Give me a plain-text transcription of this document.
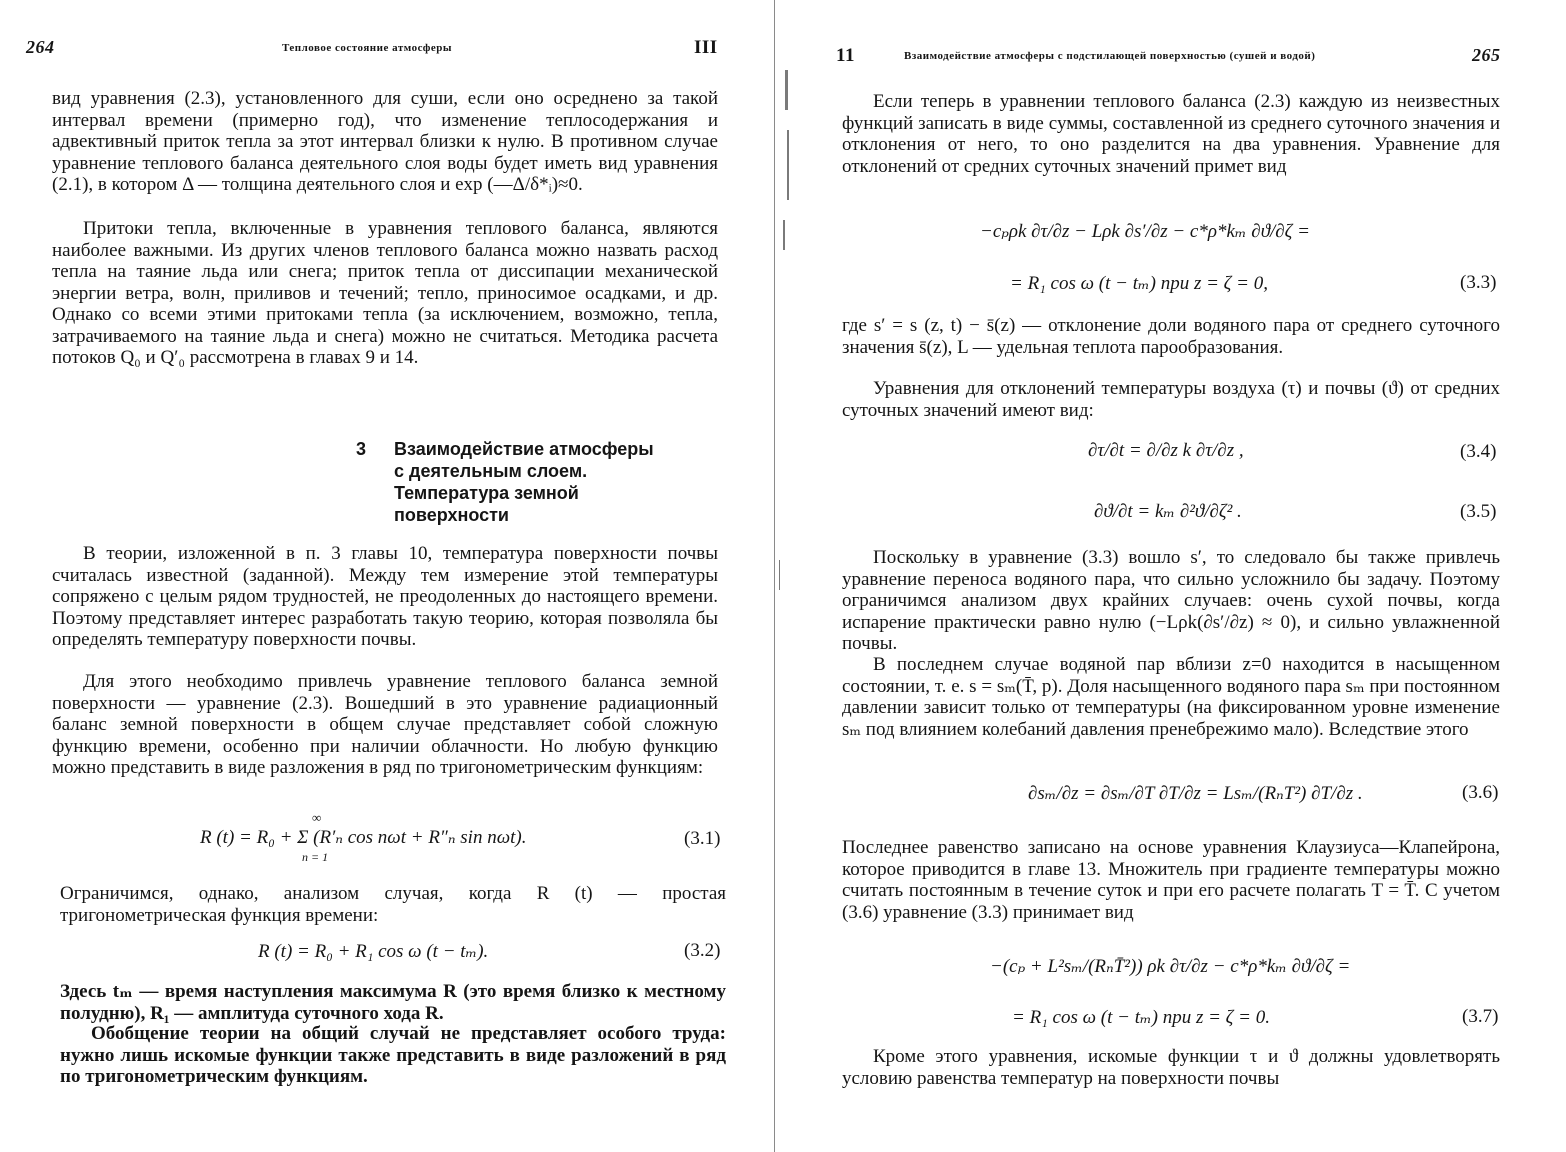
264	Тепловое состояние атмосферы	III

вид уравнения (2.3), установленного для суши, если оно осреднено за такой интервал времени (примерно год), что изменение теплосодержания и адвективный приток тепла за этот интервал близки к нулю. В противном случае уравнение теплового баланса деятельного слоя воды будет иметь вид уравнения (2.1), в котором Δ — толщина деятельного слоя и exp (—Δ/δ*ᵢ)≈0.

Притоки тепла, включенные в уравнения теплового баланса, являются наиболее важными. Из других членов теплового баланса можно назвать расход тепла на таяние льда или снега; приток тепла от диссипации механической энергии ветра, волн, приливов и течений; тепло, приносимое осадками, и др. Однако со всеми этими притоками тепла (за исключением, возможно, тепла, затрачиваемого на таяние льда и снега) можно не считаться. Методика расчета потоков Q₀ и Q′₀ рассмотрена в главах 9 и 14.

3 Взаимодействие атмосферы
с деятельным слоем.
Температура земной
поверхности

В теории, изложенной в п. 3 главы 10, температура поверхности почвы считалась известной (заданной). Между тем измерение этой температуры сопряжено с целым рядом трудностей, не преодоленных до настоящего времени. Поэтому представляет интерес разработать такую теорию, которая позволяла бы определять температуру поверхности почвы.

Для этого необходимо привлечь уравнение теплового баланса земной поверхности — уравнение (2.3). Вошедший в это уравнение радиационный баланс земной поверхности в общем случае представляет собой сложную функцию времени, особенно при наличии облачности. Но любую функцию можно представить в виде разложения в ряд по тригонометрическим функциям:

R (t) = R₀ + Σ (R′ₙ cos nωt + R″ₙ sin nωt).
∞
n = 1
(3.1)

Ограничимся, однако, анализом случая, когда R (t) — простая тригонометрическая функция времени:

R (t) = R₀ + R₁ cos ω (t − tₘ).	(3.2)

Здесь tₘ — время наступления максимума R (это время близко к местному полудню), R₁ — амплитуда суточного хода R.

Обобщение теории на общий случай не представляет особого труда: нужно лишь искомые функции также представить в виде разложений в ряд по тригонометрическим функциям.

11	Взаимодействие атмосферы с подстилающей поверхностью (сушей и водой)	265

Если теперь в уравнении теплового баланса (2.3) каждую из неизвестных функций записать в виде суммы, составленной из среднего суточного значения и отклонения от него, то оно разделится на два уравнения. Уравнение для отклонений от средних суточных значений примет вид

−cₚρk ∂τ/∂z − Lρk ∂s′/∂z − c*ρ*kₘ ∂ϑ/∂ζ =
= R₁ cos ω (t − tₘ) при z = ζ = 0,	(3.3)

где s′ = s (z, t) − s̄(z) — отклонение доли водяного пара от среднего суточного значения s̄(z), L — удельная теплота парообразования.

Уравнения для отклонений температуры воздуха (τ) и почвы (ϑ) от средних суточных значений имеют вид:

∂τ/∂t = ∂/∂z k ∂τ/∂z ,	(3.4)
∂ϑ/∂t = kₘ ∂²ϑ/∂ζ² .	(3.5)

Поскольку в уравнение (3.3) вошло s′, то следовало бы также привлечь уравнение переноса водяного пара, что сильно усложнило бы задачу. Поэтому ограничимся анализом двух крайних случаев: очень сухой почвы, когда испарение практически равно нулю (−Lρk(∂s′/∂z) ≈ 0), и сильно увлажненной почвы.

В последнем случае водяной пар вблизи z=0 находится в насыщенном состоянии, т. е. s = sₘ(T̄, p). Доля насыщенного водяного пара sₘ при постоянном давлении зависит только от температуры (на фиксированном уровне изменение sₘ под влиянием колебаний давления пренебрежимо мало). Вследствие этого

∂sₘ/∂z = ∂sₘ/∂T ∂T/∂z = Lsₘ/(RₙT²) ∂T/∂z .	(3.6)

Последнее равенство записано на основе уравнения Клаузиуса—Клапейрона, которое приводится в главе 13. Множитель при градиенте температуры можно считать постоянным в течение суток и при его расчете полагать T = T̄. С учетом (3.6) уравнение (3.3) принимает вид

−(cₚ + L²sₘ/(RₙT̄²)) ρk ∂τ/∂z − c*ρ*kₘ ∂ϑ/∂ζ =
= R₁ cos ω (t − tₘ) при z = ζ = 0.	(3.7)

Кроме этого уравнения, искомые функции τ и ϑ должны удовлетворять условию равенства температур на поверхности почвы
